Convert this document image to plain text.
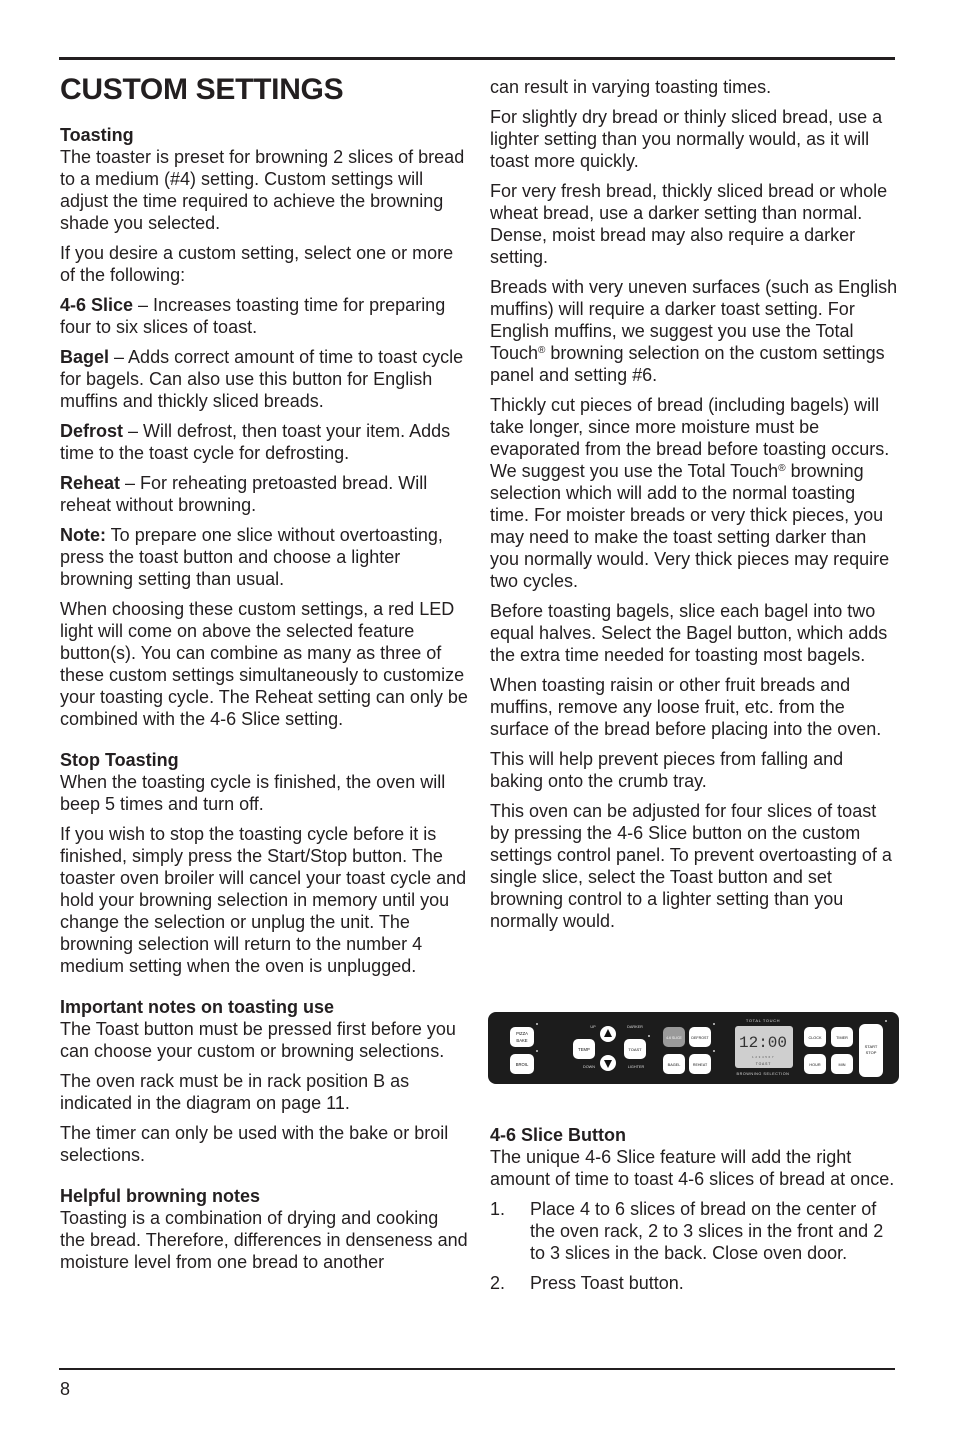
CUSTOM SETTINGS
Toasting

The toaster is preset for browning 2 slices of bread to a medium (#4) setting. Custom settings will adjust the time required to achieve the browning shade you selected.

If you desire a custom setting, select one or more of the following:

4-6 Slice – Increases toasting time for preparing four to six slices of toast.

Bagel – Adds correct amount of time to toast cycle for bagels. Can also use this button for English muffins and thickly sliced breads.

Defrost – Will defrost, then toast your item. Adds time to the toast cycle for defrosting.

Reheat – For reheating pretoasted bread. Will reheat without browning.

Note: To prepare one slice without overtoasting, press the toast button and choose a lighter browning setting than usual.

When choosing these custom settings, a red LED light will come on above the selected feature button(s). You can combine as many as three of these custom settings simultaneously to customize your toasting cycle. The Reheat setting can only be combined with the 4-6 Slice setting.

Stop Toasting

When the toasting cycle is finished, the oven will beep 5 times and turn off.

If you wish to stop the toasting cycle before it is finished, simply press the Start/Stop button. The toaster oven broiler will cancel your toast cycle and hold your browning selection in memory until you change the selection or unplug the unit. The browning selection will return to the number 4 medium setting when the oven is unplugged.

Important notes on toasting use

The Toast button must be pressed first before you can choose your custom or browning selections.

The oven rack must be in rack position B as indicated in the diagram on page 11.

The timer can only be used with the bake or broil selections.

Helpful browning notes

Toasting is a combination of drying and cooking the bread. Therefore, differences in denseness and moisture level from one bread to another

can result in varying toasting times.

For slightly dry bread or thinly sliced bread, use a lighter setting than you normally would, as it will toast more quickly.

For very fresh bread, thickly sliced bread or whole wheat bread, use a darker setting than normal. Dense, moist bread may also require a darker setting.

Breads with very uneven surfaces (such as English muffins) will require a darker toast setting. For English muffins, we suggest you use the Total Touch® browning selection on the custom settings panel and setting #6.

Thickly cut pieces of bread (including bagels) will take longer, since more moisture must be evaporated from the bread before toasting occurs. We suggest you use the Total Touch® browning selection which will add to the normal toasting time. For moister breads or very thick pieces, you may need to make the toast setting darker than you normally would. Very thick pieces may require two cycles.

Before toasting bagels, slice each bagel into two equal halves. Select the Bagel button, which adds the extra time needed for toasting most bagels.

When toasting raisin or other fruit breads and muffins, remove any loose fruit, etc. from the surface of the bread before placing into the oven.

This will help prevent pieces from falling and baking onto the crumb tray.

This oven can be adjusted for four slices of toast by pressing the 4-6 Slice button on the custom settings control panel. To prevent overtoasting of a single slice, select the Toast button and set browning control to a lighter setting than you normally would.

PIZZA
BAKE
BROIL
TEMP
UP
DOWN
DARKER
TOAST
LIGHTER
4-6 SLICE	DEFROST
BAGEL	REHEAT
TOTAL TOUCH
12:00
1 2 3 4 5 6 7
T O A S T
BROWNING SELECTION
CLOCK	TIMER
HOUR	MIN
START
STOP
4-6 Slice Button

The unique 4-6 Slice feature will add the right amount of time to toast 4-6 slices of bread at once.

1.	Place 4 to 6 slices of bread on the center of the oven rack, 2 to 3 slices in the front and 2 to 3 slices in the back. Close oven door.
2.	Press Toast button.
8
